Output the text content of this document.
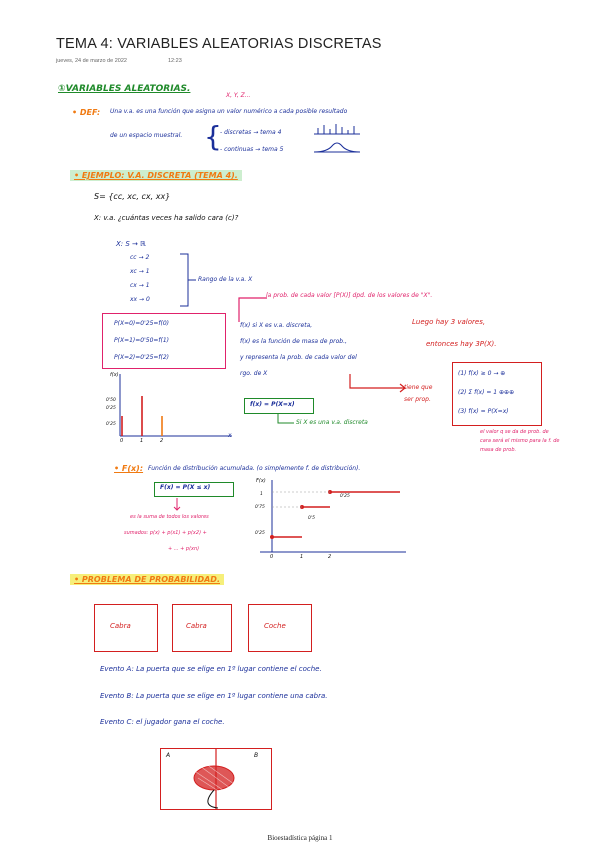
TEMA 4: VARIABLES ALEATORIAS DISCRETAS
jueves, 24 de marzo de 2022	12:23
①VARIABLES ALEATORIAS.
X, Y, Z...
• DEF: Una v.a. es una función que asigna un valor numérico a cada posible resultado
de un espacio muestral. {
- discretas → tema 4
- continuas → tema 5
• EJEMPLO: V.A. DISCRETA (TEMA 4).
S= {cc, xc, cx, xx}
X: v.a. ¿cuántas veces ha salido cara (c)?
X: S → ℝ
cc → 2
xc → 1
cx → 1
xx → 0
Rango de la v.a. X
la prob. de cada valor [P(X)] dpd. de los valores de "X".
Luego hay 3 valores,
entonces hay 3P(X).
P(X=0)=0'25=f(0)
P(X=1)=0'50=f(1)
P(X=2)=0'25=f(2)
f(x) si X es v.a. discreta,
f(x) es la función de masa de prob.,
y representa la prob. de cada valor del
rgo. de X
tiene que
ser prop.
(1) f(x) ≥ 0 → ⊕
(2) Σ f(x) = 1 ⊕⊕⊕
(3) f(x) = P(X=x)
el valor q se da de prob. de cara será el mismo para la f. de masa de prob.
f(x) = P(X=x)
Si X es una v.a. discreta
f(x)
0'50
0'25
0'25
0	1	2
x
• F(x): Función de distribución acumulada. (o simplemente f. de distribución).
F(x) = P(X ≤ x)
es la suma de todos los valores
sumados: p(x) + p(x1) + p(x2) +
+ ... + p(xn)
F(x)
1
0'75
0'25
0	1	2
0'25
0'5
• PROBLEMA DE PROBABILIDAD.
Cabra	Cabra	Coche
Evento A: La puerta que se elige en 1º lugar contiene el coche.
Evento B: La puerta que se elige en 1º lugar contiene una cabra.
Evento C: el jugador gana el coche.
A	B
Bioestadística página 1
